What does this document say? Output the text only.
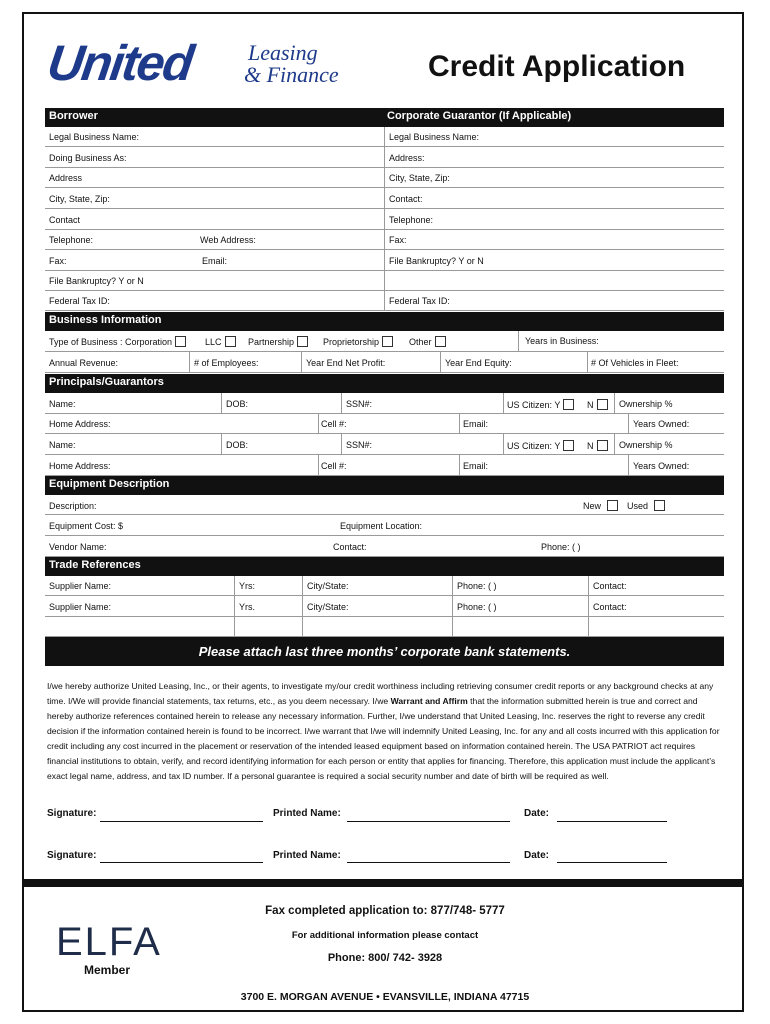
United Leasing
& Finance	Credit Application
Borrower	Corporate Guarantor (If Applicable)
Legal Business Name:	Legal Business Name:
Doing Business As:	Address:
Address	City, State, Zip:
City, State, Zip:	Contact:
Contact	Telephone:
Telephone:	Web Address:	Fax:
Fax:	Email:	File Bankruptcy? Y or N
File Bankruptcy? Y or N
Federal Tax ID:	Federal Tax ID:
Business Information
Type of Business : Corporation	LLC	Partnership	Proprietorship	Other	Years in Business:
Annual Revenue:	# of Employees:	Year End Net Profit:	Year End Equity:	# Of Vehicles in Fleet:
Principals/Guarantors
Name:	DOB:	SSN#:	US Citizen: Y	N	Ownership %
Home Address:	Cell #:	Email:	Years Owned:
Name:	DOB:	SSN#:	US Citizen: Y	N	Ownership %
Home Address:	Cell #:	Email:	Years Owned:
Equipment Description
Description:	New	Used
Equipment Cost: $	Equipment Location:
Vendor Name:	Contact:	Phone: ( )
Trade References
Supplier Name:	Yrs:	City/State:	Phone: ( )	Contact:
Supplier Name:	Yrs.	City/State:	Phone: ( )	Contact:
Please attach last three months’ corporate bank statements.
I/we hereby authorize United Leasing, Inc., or their agents, to investigate my/our credit worthiness including retrieving consumer credit reports or any background checks at any time. I/We will provide financial statements, tax returns, etc., as you deem necessary. I/we Warrant and Affirm that the information submitted herein is true and correct and hereby authorize references contained herein to release any necessary information. Further, I/we understand that United Leasing, Inc. reserves the right to reverse any credit decision if the information contained herein is found to be incorrect. I/we warrant that I/we will indemnify United Leasing, Inc. for any and all costs incurred with this application for credit including any cost incurred in the placement or reservation of the intended leased equipment based on information contained herein. The USA PATRIOT act requires financial institutions to obtain, verify, and record identifying information for each person or entity that applies for financing. Therefore, this application must include the applicant’s exact legal name, address, and tax ID number. If a personal guarantee is required a social security number and date of birth will be required as well.
Signature:	Printed Name:	Date:
Signature:	Printed Name:	Date:
ELFA
Member
Fax completed application to: 877/748- 5777
For additional information please contact
Phone: 800/ 742- 3928
3700 E. MORGAN AVENUE • EVANSVILLE, INDIANA 47715
